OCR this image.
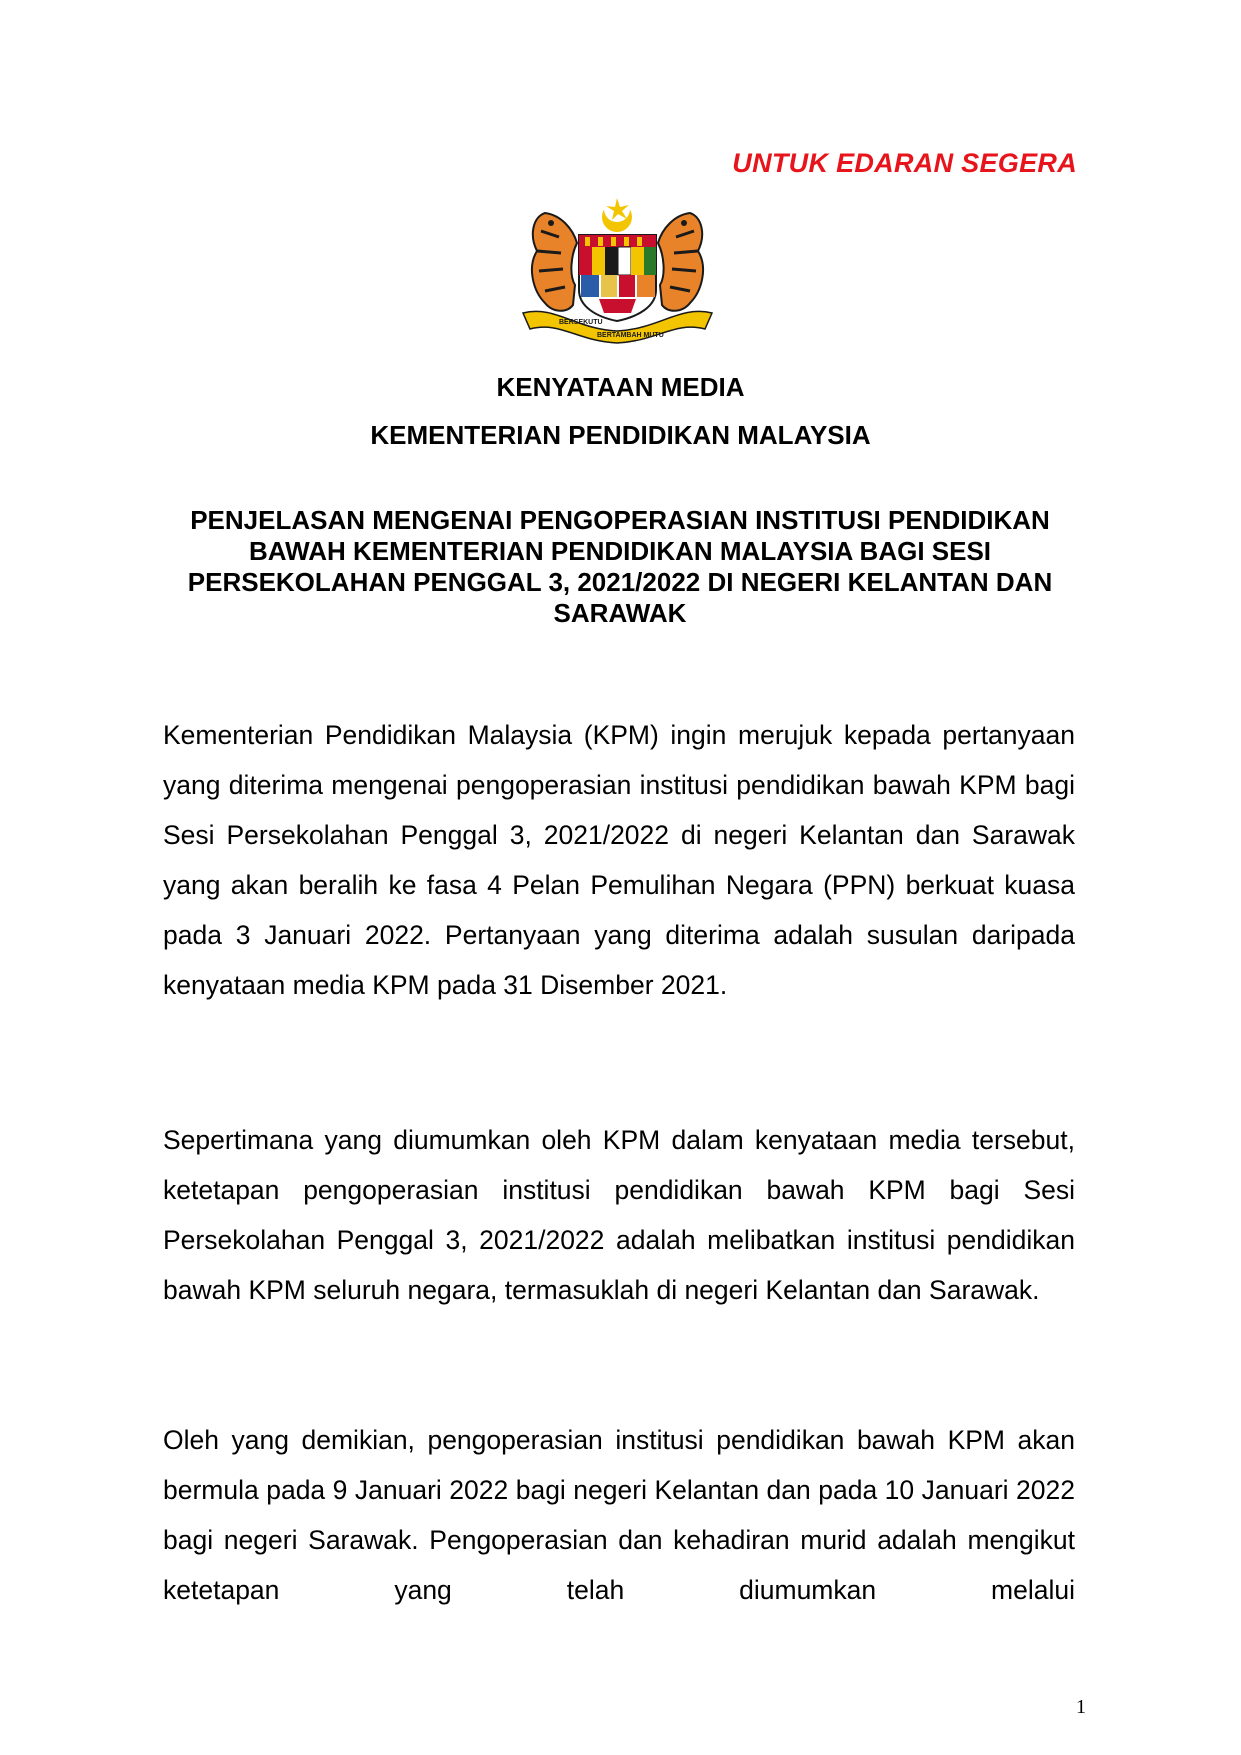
UNTUK EDARAN SEGERA
BERSEKUTU
BERTAMBAH MUTU
KENYATAAN MEDIA
KEMENTERIAN PENDIDIKAN MALAYSIA
PENJELASAN MENGENAI PENGOPERASIAN INSTITUSI PENDIDIKAN BAWAH KEMENTERIAN PENDIDIKAN MALAYSIA BAGI SESI PERSEKOLAHAN PENGGAL 3, 2021/2022 DI NEGERI KELANTAN DAN SARAWAK

Kementerian Pendidikan Malaysia (KPM) ingin merujuk kepada pertanyaan yang diterima mengenai pengoperasian institusi pendidikan bawah KPM bagi Sesi Persekolahan Penggal 3, 2021/2022 di negeri Kelantan dan Sarawak yang akan beralih ke fasa 4 Pelan Pemulihan Negara (PPN) berkuat kuasa pada 3 Januari 2022. Pertanyaan yang diterima adalah susulan daripada kenyataan media KPM pada 31 Disember 2021.

Sepertimana yang diumumkan oleh KPM dalam kenyataan media tersebut, ketetapan pengoperasian institusi pendidikan bawah KPM bagi Sesi Persekolahan Penggal 3, 2021/2022 adalah melibatkan institusi pendidikan bawah KPM seluruh negara, termasuklah di negeri Kelantan dan Sarawak.

Oleh yang demikian, pengoperasian institusi pendidikan bawah KPM akan bermula pada 9 Januari 2022 bagi negeri Kelantan dan pada 10 Januari 2022 bagi negeri Sarawak. Pengoperasian dan kehadiran murid adalah mengikut ketetapan yang telah diumumkan melalui

1
